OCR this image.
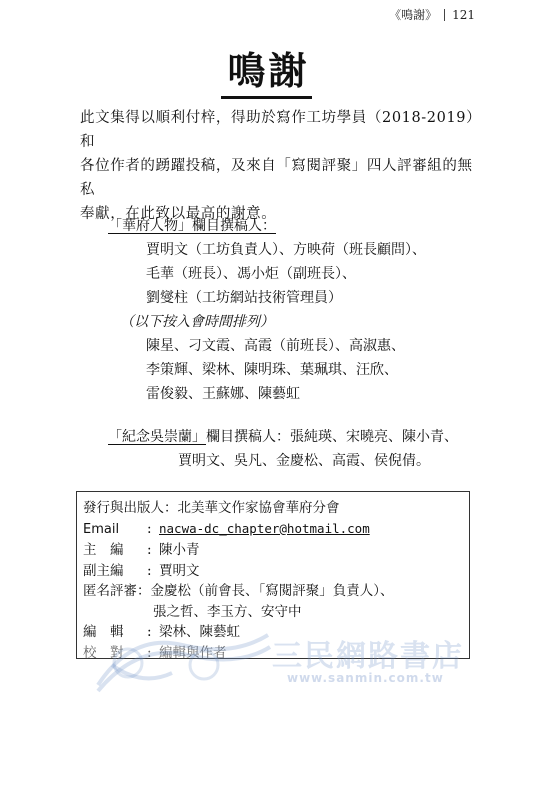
《鳴謝》 121
鳴謝
此文集得以順利付梓，得助於寫作工坊學員（2018-2019）和
各位作者的踴躍投稿，及來自「寫閱評聚」四人評審組的無私
奉獻，在此致以最高的謝意。
「華府人物」欄目撰稿人：
賈明文（工坊負責人）、方映荷（班長顧問）、
毛華（班長）、馮小炬（副班長）、
劉燮柱（工坊網站技術管理員）
（以下按入會時間排列）
陳星、刁文霞、高霞（前班長）、高淑惠、
李策輝、梁林、陳明珠、葉珮琪、汪欣、
雷俊毅、王蘇娜、陳藝虹
「紀念吳崇蘭」欄目撰稿人：張純瑛、宋曉亮、陳小青、
賈明文、吳凡、金慶松、高霞、侯倪倩。
發行與出版人：北美華文作家協會華府分會
Email : nacwa-dc_chapter@hotmail.com
主　編 : 陳小青
副主編 : 賈明文
匿名評審：金慶松（前會長、「寫閱評聚」負責人）、
張之哲、李玉方、安守中
編　輯 : 梁林、陳藝虹
校　對 : 編輯與作者	三民網路書店
www.sanmin.com.tw
